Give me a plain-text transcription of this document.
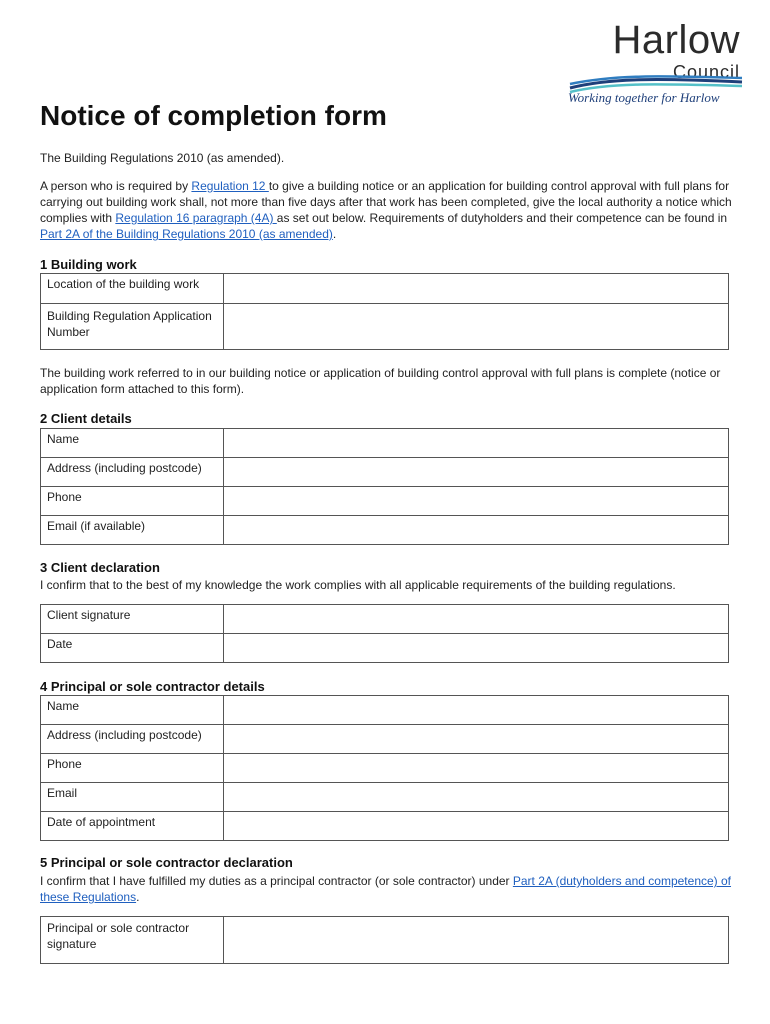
Harlow
Council
Working together for Harlow
Notice of completion form

The Building Regulations 2010 (as amended).

A person who is required by Regulation 12 to give a building notice or an application for building control approval with full plans for carrying out building work shall, not more than five days after that work has been completed, give the local authority a notice which complies with Regulation 16 paragraph (4A) as set out below. Requirements of dutyholders and their competence can be found in Part 2A of the Building Regulations 2010 (as amended).

1 Building work
Location of the building work	
Building Regulation Application Number	

The building work referred to in our building notice or application of building control approval with full plans is complete (notice or application form attached to this form).

2 Client details
Name	
Address (including postcode)	
Phone	
Email (if available)	
3 Client declaration

I confirm that to the best of my knowledge the work complies with all applicable requirements of the building regulations.

Client signature	
Date	
4 Principal or sole contractor details
Name	
Address (including postcode)	
Phone	
Email	
Date of appointment	
5 Principal or sole contractor declaration

I confirm that I have fulfilled my duties as a principal contractor (or sole contractor) under Part 2A (dutyholders and competence) of these Regulations.

Principal or sole contractor signature	
